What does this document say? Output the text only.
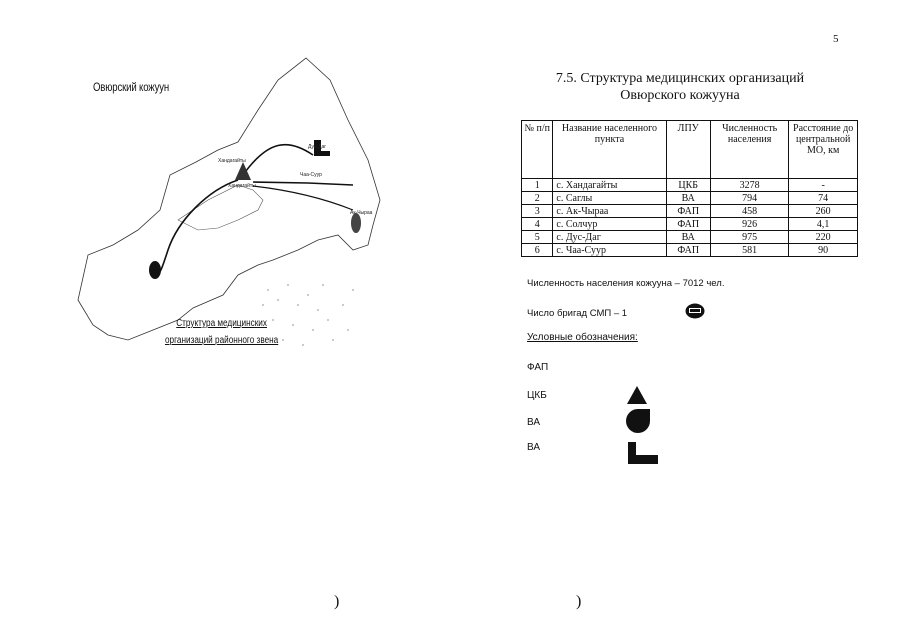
5
Овюрский кожуун
Хандагайты
Хандагайты
Чаа-Суур
Дус-Даг
Ак-Чыраа
Структура медицинских
организаций районного звена
7.5. Структура медицинских организаций
Овюрского кожууна
№ п/п	Название населенного пункта	ЛПУ	Численность населения	Расстояние до центральной МО, км
1	с. Хандагайты	ЦКБ	3278	-
2	с. Саглы	ВА	794	74
3	с. Ак-Чыраа	ФАП	458	260
4	с. Солчур	ФАП	926	4,1
5	с. Дус-Даг	ВА	975	220
6	с. Чаа-Суур	ФАП	581	90
Численность населения кожууна – 7012 чел.
Число бригад СМП – 1
Условные обозначения:
ФАП
ЦКБ
ВА
ВА
)	)
